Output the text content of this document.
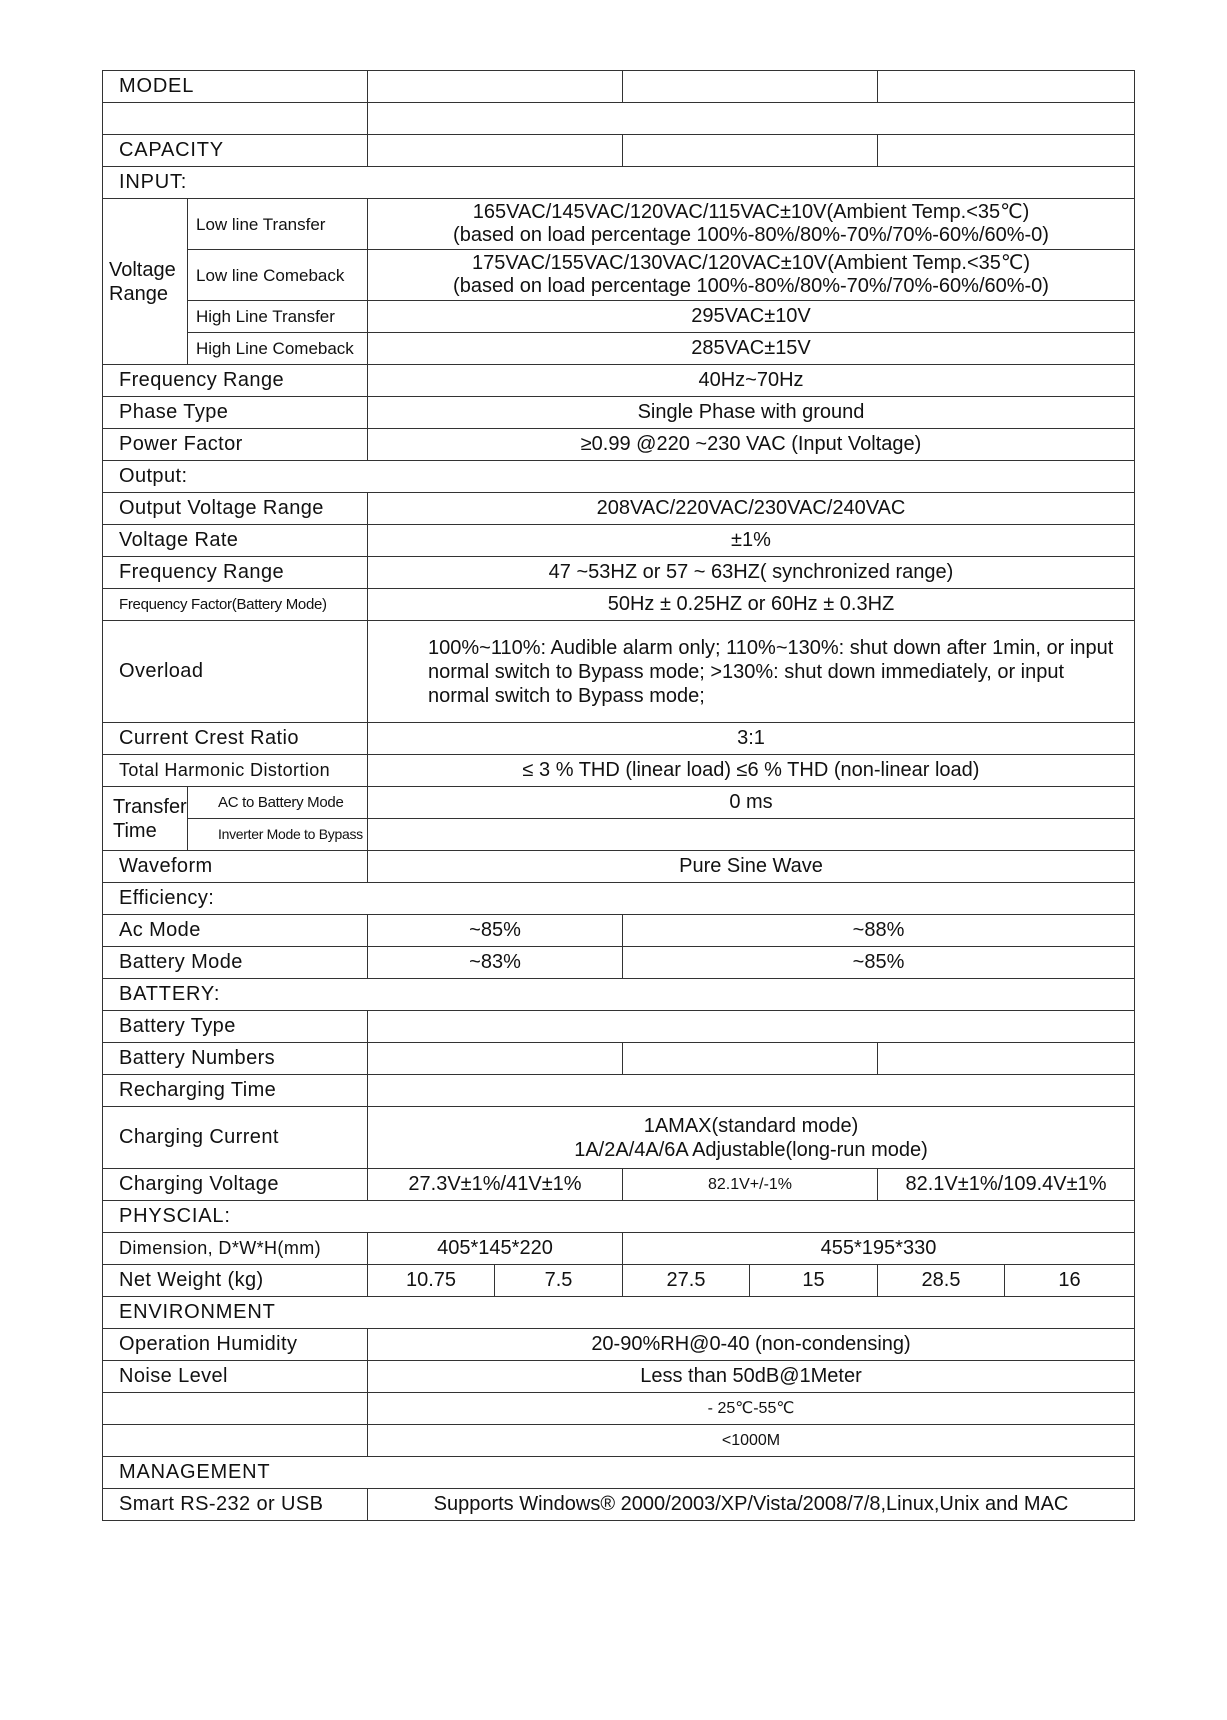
MODEL							

CAPACITY							
INPUT:							
Voltage Range	Low line Transfer	165VAC/145VAC/120VAC/115VAC±10V(Ambient Temp.<35℃)
(based on load percentage 100%-80%/80%-70%/70%-60%/60%-0)					

	Low line Comeback	175VAC/155VAC/130VAC/120VAC±10V(Ambient Temp.<35℃)
(based on load percentage 100%-80%/80%-70%/70%-60%/60%-0)					

	High Line Transfer	295VAC±10V					
	High Line Comeback	285VAC±15V					
Frequency Range		40Hz~70Hz					
Phase Type		Single Phase with ground					
Power Factor		≥0.99 @220 ~230 VAC (Input Voltage)					
Output:							
Output Voltage Range		208VAC/220VAC/230VAC/240VAC					
Voltage Rate		±1%					
Frequency Range		47 ~53HZ or 57 ~ 63HZ( synchronized range)					
Frequency Factor(Battery Mode)		50Hz ± 0.25HZ or 60Hz ± 0.3HZ					
Overload		100%~110%: Audible alarm only; 110%~130%: shut down after 1min, or input normal switch to Bypass mode; >130%: shut down immediately, or input normal switch to Bypass mode;					
Current Crest Ratio		3:1					
Total Harmonic Distortion		≤ 3 % THD (linear load) ≤6 % THD (non-linear load)					
Transfer Time	AC to Battery Mode	0 ms					
	Inverter Mode to Bypass						
Waveform		Pure Sine Wave					
Efficiency:							
Ac Mode		~85%		~88%			
Battery Mode		~83%		~85%			
BATTERY:							
Battery Type							
Battery Numbers							
Recharging Time							
Charging Current		1AMAX(standard mode)
1A/2A/4A/6A Adjustable(long-run mode)					

Charging Voltage		27.3V±1%/41V±1%		82.1V+/-1%		82.1V±1%/109.4V±1%	
PHYSCIAL:							
Dimension, D*W*H(mm)		405*145*220		455*195*330			
Net Weight (kg)		10.75	7.5	27.5	15	28.5	16
ENVIRONMENT							
Operation Humidity		20-90%RH@0-40 (non-condensing)					
Noise Level		Less than 50dB@1Meter					
		- 25℃-55℃					
		<1000M					
MANAGEMENT							
Smart RS-232 or USB		Supports Windows® 2000/2003/XP/Vista/2008/7/8,Linux,Unix and MAC					
